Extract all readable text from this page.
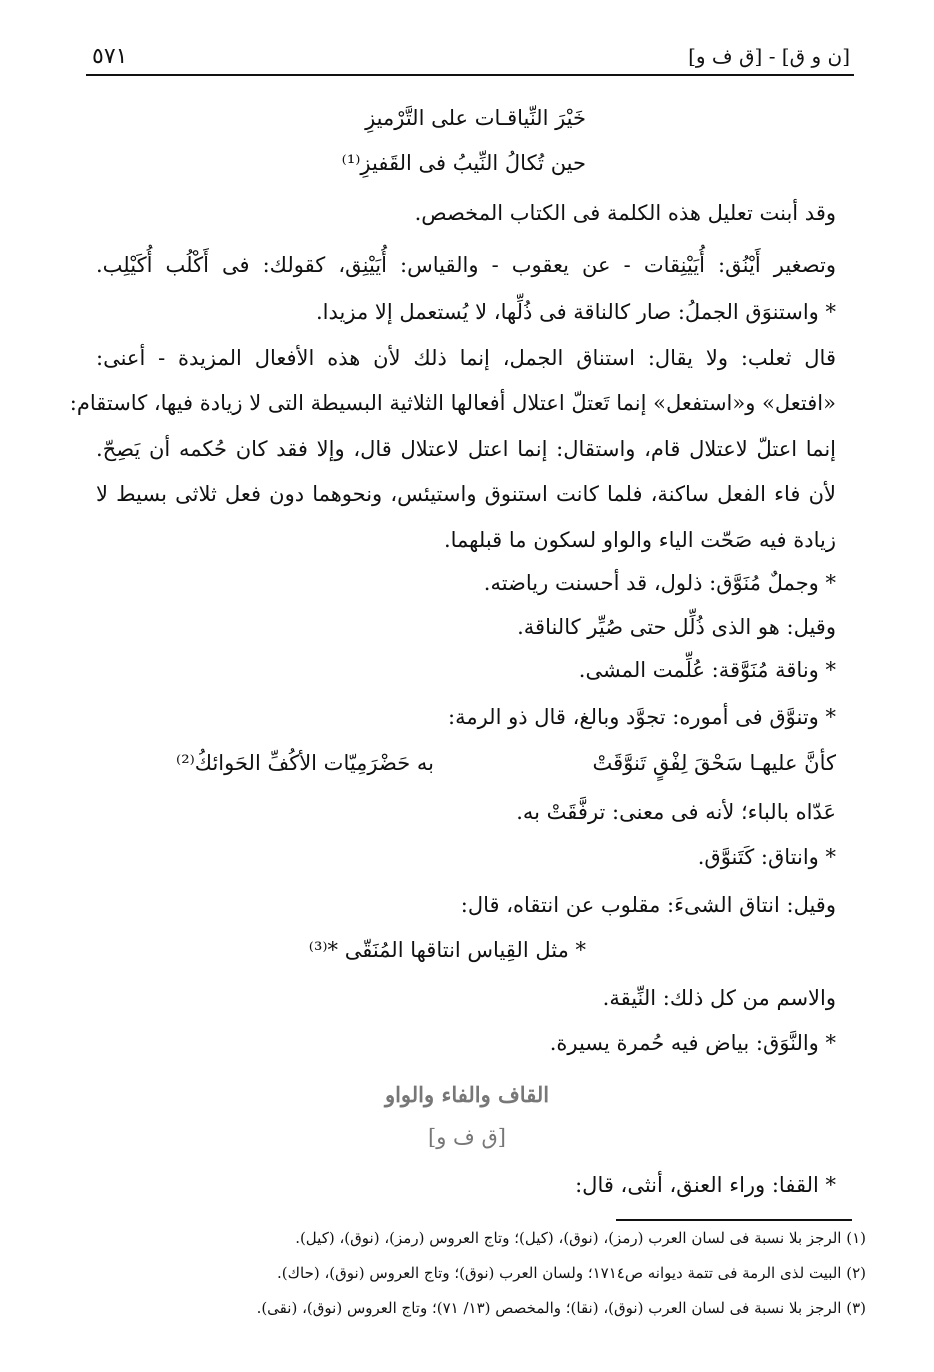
٥٧١	[ن و ق] - [ق ف و]
خَيْرَ النِّياقـات على التَّرْميزِ
حين تُكالُ النِّيبُ فى القَفيزِ⁽¹⁾
وقد أبنت تعليل هذه الكلمة فى الكتاب المخصص.
وتصغير أَيْنُق: أُيَيْنِقات - عن يعقوب - والقياس: أُيَيْنِق، كقولك: فى أَكْلُب أُكَيْلِب.
* واستنوَق الجملُ: صار كالناقة فى ذُلِّها، لا يُستعمل إلا مزيدا.
قال ثعلب: ولا يقال: استناق الجمل، إنما ذلك لأن هذه الأفعال المزيدة - أعنى:
«افتعل» و«استفعل» إنما تَعتلّ اعتلال أفعالها الثلاثية البسيطة التى لا زيادة فيها، كاستقام:
إنما اعتلّ لاعتلال قام، واستقال: إنما اعتل لاعتلال قال، وإلا فقد كان حُكمه أن يَصِحّ.
لأن فاء الفعل ساكنة، فلما كانت استنوق واستيئس، ونحوهما دون فعل ثلاثى بسيط لا
زيادة فيه صَحّت الياء والواو لسكون ما قبلهما.
* وجملٌ مُنَوَّق: ذلول، قد أحسنت رياضته.
وقيل: هو الذى ذُلِّل حتى صُيِّر كالناقة.
* وناقة مُنَوَّقة: عُلِّمت المشى.
* وتنوَّق فى أموره: تجوَّد وبالغ، قال ذو الرمة:
كأنَّ عليهـا سَحْقَ لِفْقٍ تَنوَّقَتْ
به حَضْرَمِيّات الأكُفِّ الحَوائكُ⁽²⁾
عَدّاه بالباء؛ لأنه فى معنى: ترفَّقَتْ به.
* وانتاق: كَتَنوَّق.
وقيل: انتاق الشىءَ: مقلوب عن انتقاه، قال:
* مثل القِياس انتاقها المُنَقّى *⁽³⁾
والاسم من كل ذلك: النِّيقة.
* والنَّوَق: بياض فيه حُمرة يسيرة.
القاف والفاء والواو
[ق ف و]
* القفا: وراء العنق، أنثى، قال:
(١) الرجز بلا نسبة فى لسان العرب (رمز)، (نوق)، (كيل)؛ وتاج العروس (رمز)، (نوق)، (كيل).
(٢) البيت لذى الرمة فى تتمة ديوانه ص١٧١٤؛ ولسان العرب (نوق)؛ وتاج العروس (نوق)، (حاك).
(٣) الرجز بلا نسبة فى لسان العرب (نوق)، (نقا)؛ والمخصص (١٣/ ٧١)؛ وتاج العروس (نوق)، (نقى).
